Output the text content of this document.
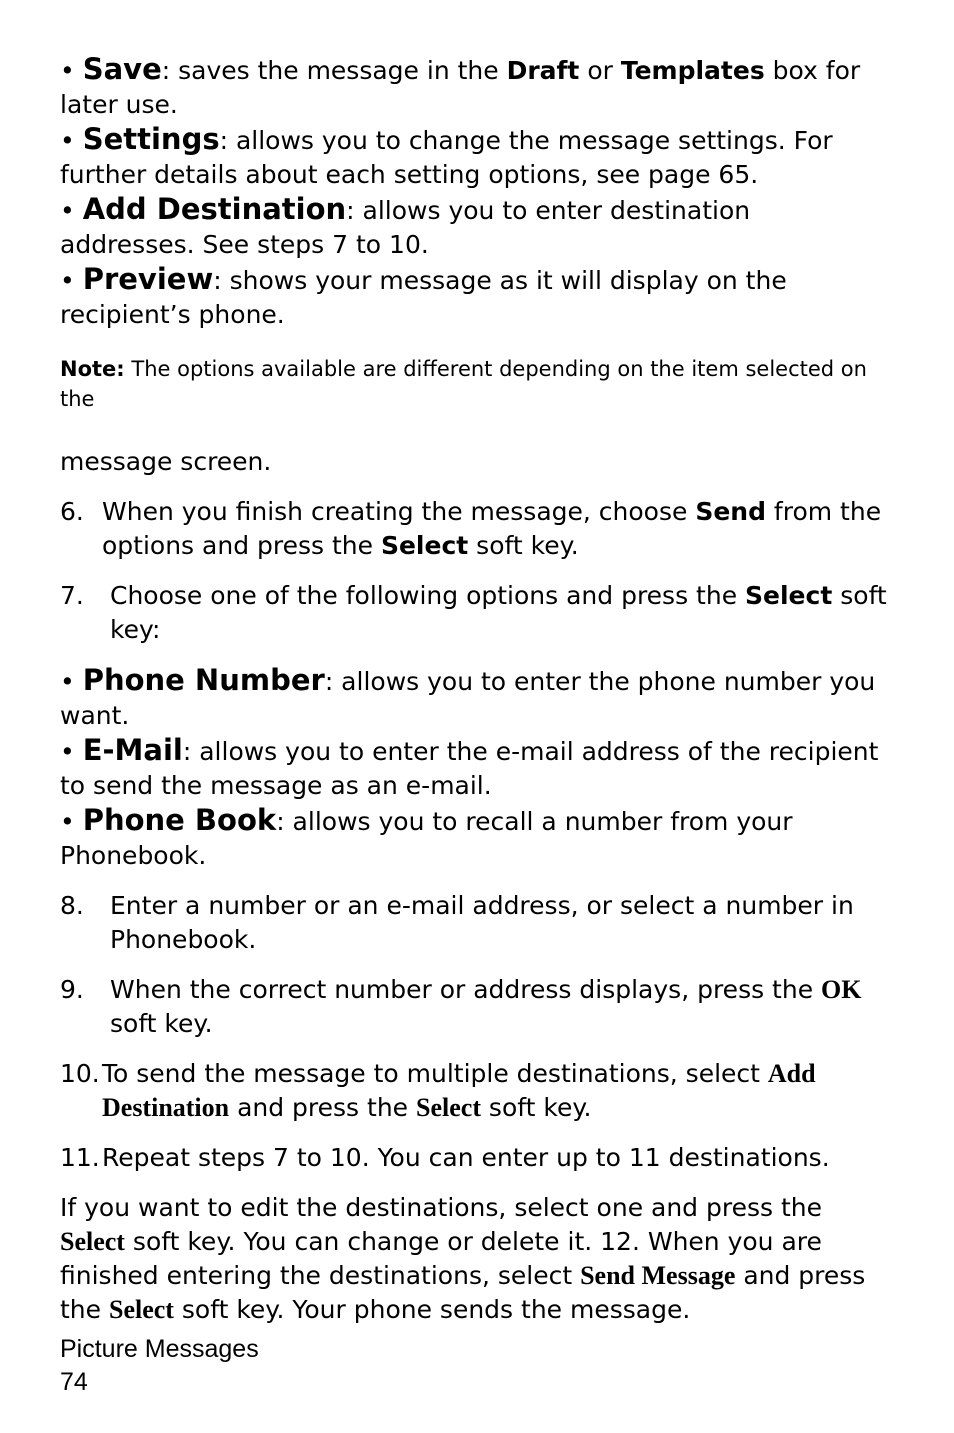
• Save: saves the message in the Draft or Templates box for later use.
• Settings: allows you to change the message settings. For further details about each setting options, see page 65.
• Add Destination: allows you to enter destination addresses. See steps 7 to 10.
• Preview: shows your message as it will display on the recipient’s phone.
Note: The options available are different depending on the item selected on the
message screen.
6. When you finish creating the message, choose Send from the options and press the Select soft key.
7.	Choose one of the following options and press the Select soft key:
• Phone Number: allows you to enter the phone number you want.
• E-Mail: allows you to enter the e-mail address of the recipient to send the message as an e-mail.
• Phone Book: allows you to recall a number from your Phonebook.
8.	Enter a number or an e-mail address, or select a number in Phonebook.
9.	When the correct number or address displays, press the OK soft key.
10. To send the message to multiple destinations, select Add Destination and press the Select soft key.
11. Repeat steps 7 to 10. You can enter up to 11 destinations.
If you want to edit the destinations, select one and press the Select soft key. You can change or delete it. 12. When you are finished entering the destinations, select Send Message and press the Select soft key. Your phone sends the message.
Picture Messages
74
